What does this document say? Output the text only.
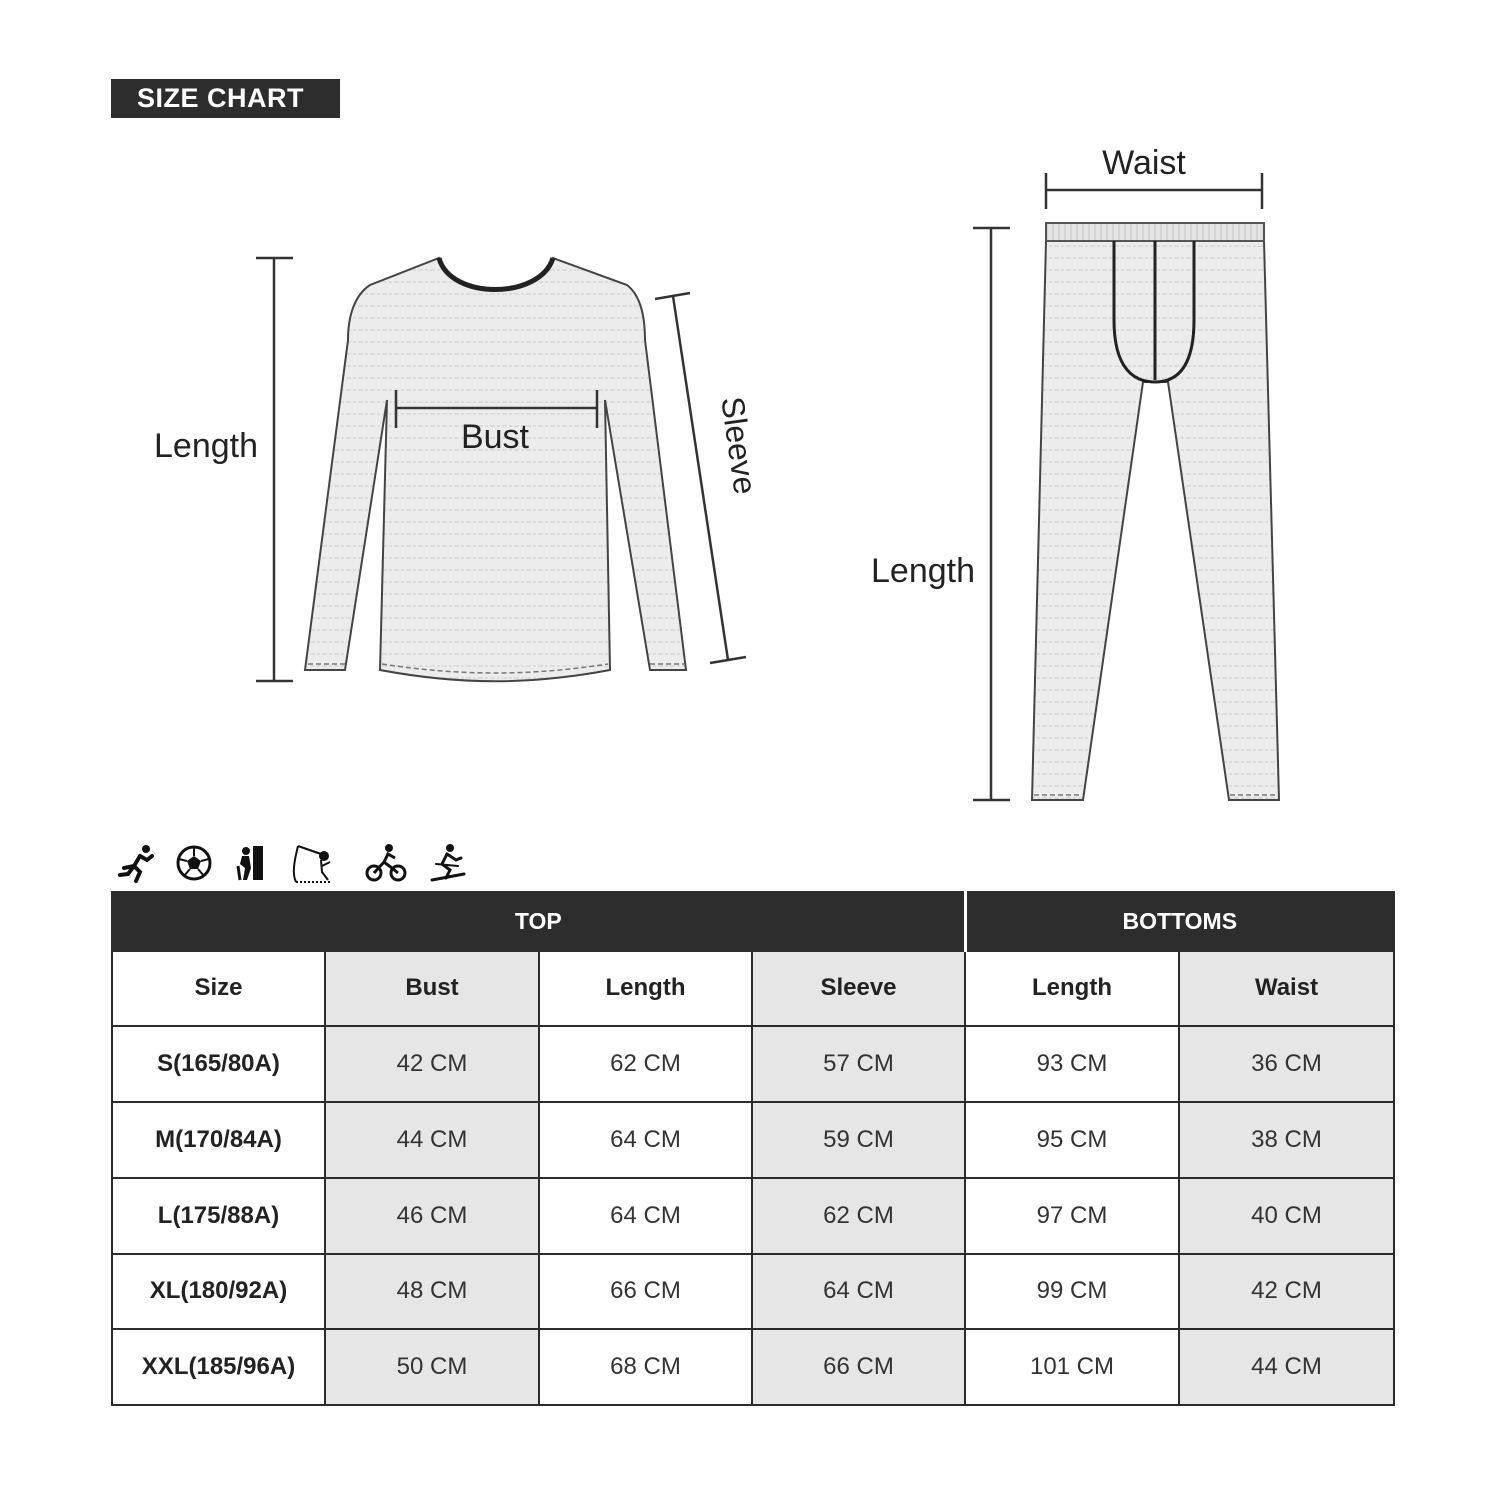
SIZE CHART
Length	Bust	Sleeve
Waist
Length
TOP				BOTTOMS	
Size	Bust	Length	Sleeve	Length	Waist
S(165/80A)	42 CM	62 CM	57 CM	93 CM	36 CM
M(170/84A)	44 CM	64 CM	59 CM	95 CM	38 CM
L(175/88A)	46 CM	64 CM	62 CM	97 CM	40 CM
XL(180/92A)	48 CM	66 CM	64 CM	99 CM	42 CM
XXL(185/96A)	50 CM	68 CM	66 CM	101 CM	44 CM
